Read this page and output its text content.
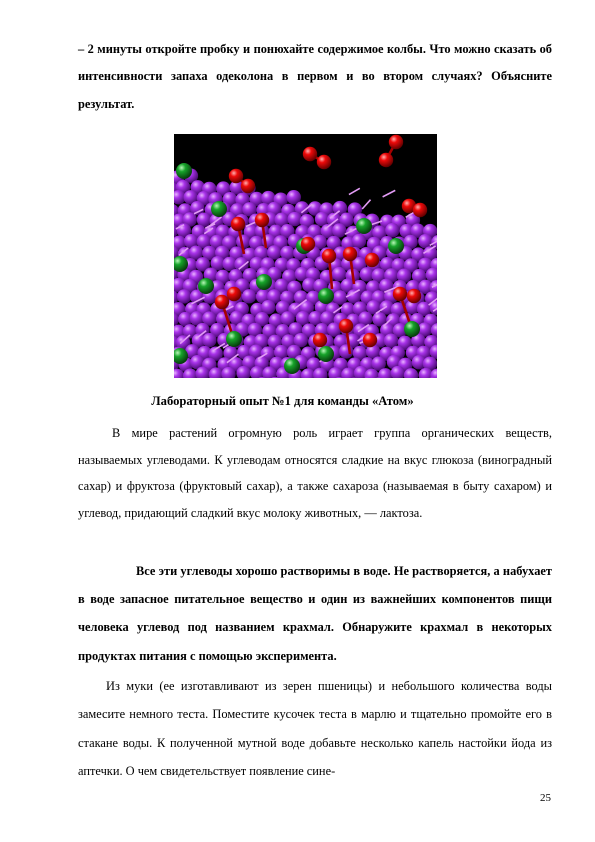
– 2 минуты откройте пробку и понюхайте содержимое колбы. Что можно сказать об интенсивности запаха одеколона в первом и во втором случаях? Объясните результат.

Лабораторный опыт №1 для команды «Атом»

В мире растений огромную роль играет группа органических веществ, называемых углеводами. К углеводам относятся сладкие на вкус глюкоза (виноградный сахар) и фруктоза (фруктовый сахар), а также сахароза (называемая в быту сахаром) и углевод, придающий сладкий вкус молоку животных, — лактоза.

Все эти углеводы хорошо растворимы в воде. Не растворяется, а набухает в воде запасное питательное вещество и один из важнейших компонентов пищи человека углевод под названием крахмал. Обнаружите крахмал в некоторых продуктах питания с помощью эксперимента.

Из муки (ее изготавливают из зерен пшеницы) и небольшого количества воды замесите немного теста. Поместите кусочек теста в марлю и тщательно промойте его в стакане воды. К полученной мутной воде добавьте несколько капель настойки йода из аптечки. О чем свидетельствует появление сине-

25
